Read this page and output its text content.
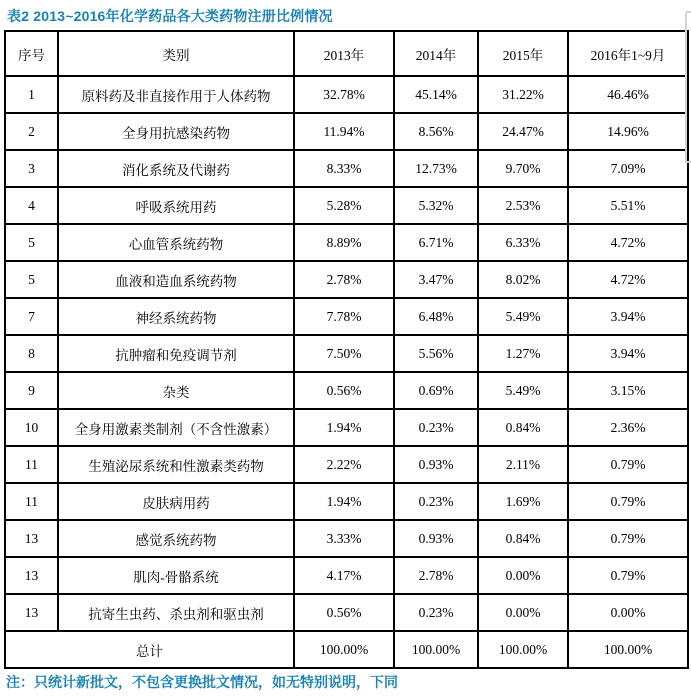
表2 2013~2016年化学药品各大类药物注册比例情况
序号	类别	2013年	2014年	2015年	2016年1~9月
1	原料药及非直接作用于人体药物	32.78%	45.14%	31.22%	46.46%
2	全身用抗感染药物	11.94%	8.56%	24.47%	14.96%
3	消化系统及代谢药	8.33%	12.73%	9.70%	7.09%
4	呼吸系统用药	5.28%	5.32%	2.53%	5.51%
5	心血管系统药物	8.89%	6.71%	6.33%	4.72%
5	血液和造血系统药物	2.78%	3.47%	8.02%	4.72%
7	神经系统药物	7.78%	6.48%	5.49%	3.94%
8	抗肿瘤和免疫调节剂	7.50%	5.56%	1.27%	3.94%
9	杂类	0.56%	0.69%	5.49%	3.15%
10	全身用激素类制剂（不含性激素）	1.94%	0.23%	0.84%	2.36%
11	生殖泌尿系统和性激素类药物	2.22%	0.93%	2.11%	0.79%
11	皮肤病用药	1.94%	0.23%	1.69%	0.79%
13	感觉系统药物	3.33%	0.93%	0.84%	0.79%
13	肌肉-骨骼系统	4.17%	2.78%	0.00%	0.79%
13	抗寄生虫药、杀虫剂和驱虫剂	0.56%	0.23%	0.00%	0.00%
总计		100.00%	100.00%	100.00%	100.00%
注：只统计新批文，不包含更换批文情况，如无特别说明，下同
